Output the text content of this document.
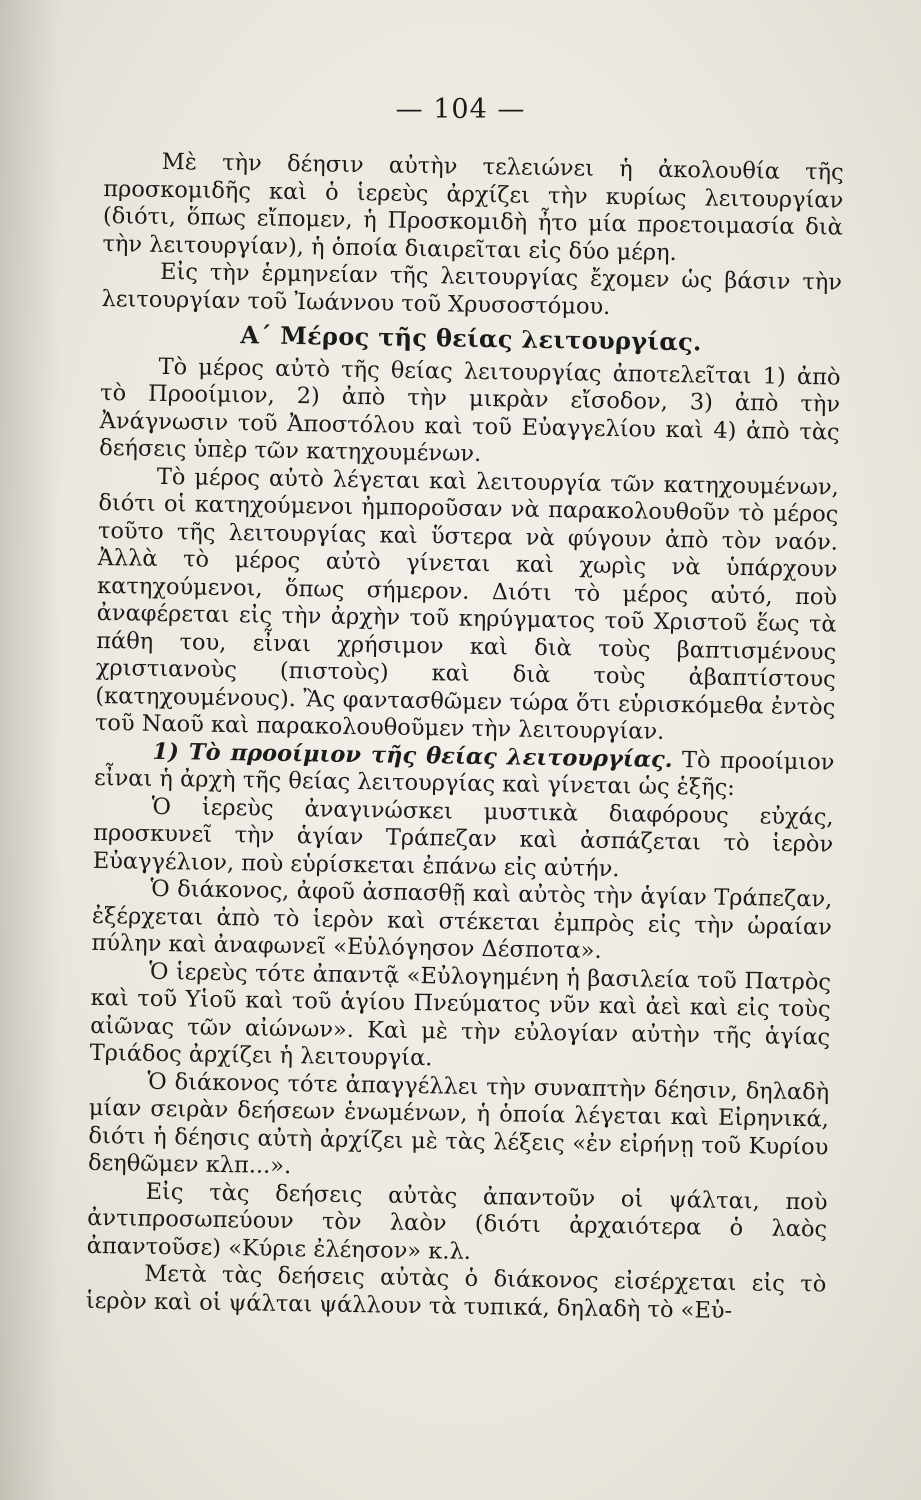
— 104 —

Μὲ τὴν δέησιν αὐτὴν τελειώνει ἡ ἀκολουθία τῆς προσκομιδῆς καὶ ὁ ἱερεὺς ἀρχίζει τὴν κυρίως λειτουργίαν (διότι, ὅπως εἴπομεν, ἡ Προσκομιδὴ ἦτο μία προετοιμασία διὰ τὴν λειτουργίαν), ἡ ὁποία διαιρεῖται εἰς δύο μέρη.

Εἰς τὴν ἑρμηνείαν τῆς λειτουργίας ἔχομεν ὡς βάσιν τὴν λειτουργίαν τοῦ Ἰωάννου τοῦ Χρυσοστόμου.

Α΄ Μέρος τῆς θείας λειτουργίας.

Τὸ μέρος αὐτὸ τῆς θείας λειτουργίας ἀποτελεῖται 1) ἀπὸ τὸ Προοίμιον, 2) ἀπὸ τὴν μικρὰν εἴσοδον, 3) ἀπὸ τὴν Ἀνάγνωσιν τοῦ Ἀποστόλου καὶ τοῦ Εὐαγγελίου καὶ 4) ἀπὸ τὰς δεήσεις ὑπὲρ τῶν κατηχουμένων.

Τὸ μέρος αὐτὸ λέγεται καὶ λειτουργία τῶν κατηχουμένων, διότι οἱ κατηχούμενοι ἠμποροῦσαν νὰ παρακολουθοῦν τὸ μέρος τοῦτο τῆς λειτουργίας καὶ ὕστερα νὰ φύγουν ἀπὸ τὸν ναόν. Ἀλλὰ τὸ μέρος αὐτὸ γίνεται καὶ χωρὶς νὰ ὑπάρχουν κατηχούμενοι, ὅπως σήμερον. Διότι τὸ μέρος αὐτό, ποὺ ἀναφέρεται εἰς τὴν ἀρχὴν τοῦ κηρύγματος τοῦ Χριστοῦ ἕως τὰ πάθη του, εἶναι χρήσιμον καὶ διὰ τοὺς βαπτισμένους χριστιανοὺς (πιστοὺς) καὶ διὰ τοὺς ἀβαπτίστους (κατηχουμένους). Ἂς φαντασθῶμεν τώρα ὅτι εὑρισκόμεθα ἐντὸς τοῦ Ναοῦ καὶ παρακολουθοῦμεν τὴν λειτουργίαν.

1) Τὸ προοίμιον τῆς θείας λειτουργίας. Τὸ προοίμιον εἶναι ἡ ἀρχὴ τῆς θείας λειτουργίας καὶ γίνεται ὡς ἑξῆς:

Ὁ ἱερεὺς ἀναγινώσκει μυστικὰ διαφόρους εὐχάς, προσκυνεῖ τὴν ἁγίαν Τράπεζαν καὶ ἀσπάζεται τὸ ἱερὸν Εὐαγγέλιον, ποὺ εὑρίσκεται ἐπάνω εἰς αὐτήν.

Ὁ διάκονος, ἀφοῦ ἀσπασθῇ καὶ αὐτὸς τὴν ἁγίαν Τράπεζαν, ἐξέρχεται ἀπὸ τὸ ἱερὸν καὶ στέκεται ἐμπρὸς εἰς τὴν ὡραίαν πύλην καὶ ἀναφωνεῖ «Εὐλόγησον Δέσποτα».

Ὁ ἱερεὺς τότε ἀπαντᾷ «Εὐλογημένη ἡ βασιλεία τοῦ Πατρὸς καὶ τοῦ Υἱοῦ καὶ τοῦ ἁγίου Πνεύματος νῦν καὶ ἀεὶ καὶ εἰς τοὺς αἰῶνας τῶν αἰώνων». Καὶ μὲ τὴν εὐλογίαν αὐτὴν τῆς ἁγίας Τριάδος ἀρχίζει ἡ λειτουργία.

Ὁ διάκονος τότε ἀπαγγέλλει τὴν συναπτὴν δέησιν, δηλαδὴ μίαν σειρὰν δεήσεων ἑνωμένων, ἡ ὁποία λέγεται καὶ Εἰρηνικά, διότι ἡ δέησις αὐτὴ ἀρχίζει μὲ τὰς λέξεις «ἐν εἰρήνῃ τοῦ Κυρίου δεηθῶμεν κλπ...».

Εἰς τὰς δεήσεις αὐτὰς ἀπαντοῦν οἱ ψάλται, ποὺ ἀντιπροσωπεύουν τὸν λαὸν (διότι ἀρχαιότερα ὁ λαὸς ἀπαντοῦσε) «Κύριε ἐλέησον» κ.λ.

Μετὰ τὰς δεήσεις αὐτὰς ὁ διάκονος εἰσέρχεται εἰς τὸ ἱερὸν καὶ οἱ ψάλται ψάλλουν τὰ τυπικά, δηλαδὴ τὸ «Εὐ-
